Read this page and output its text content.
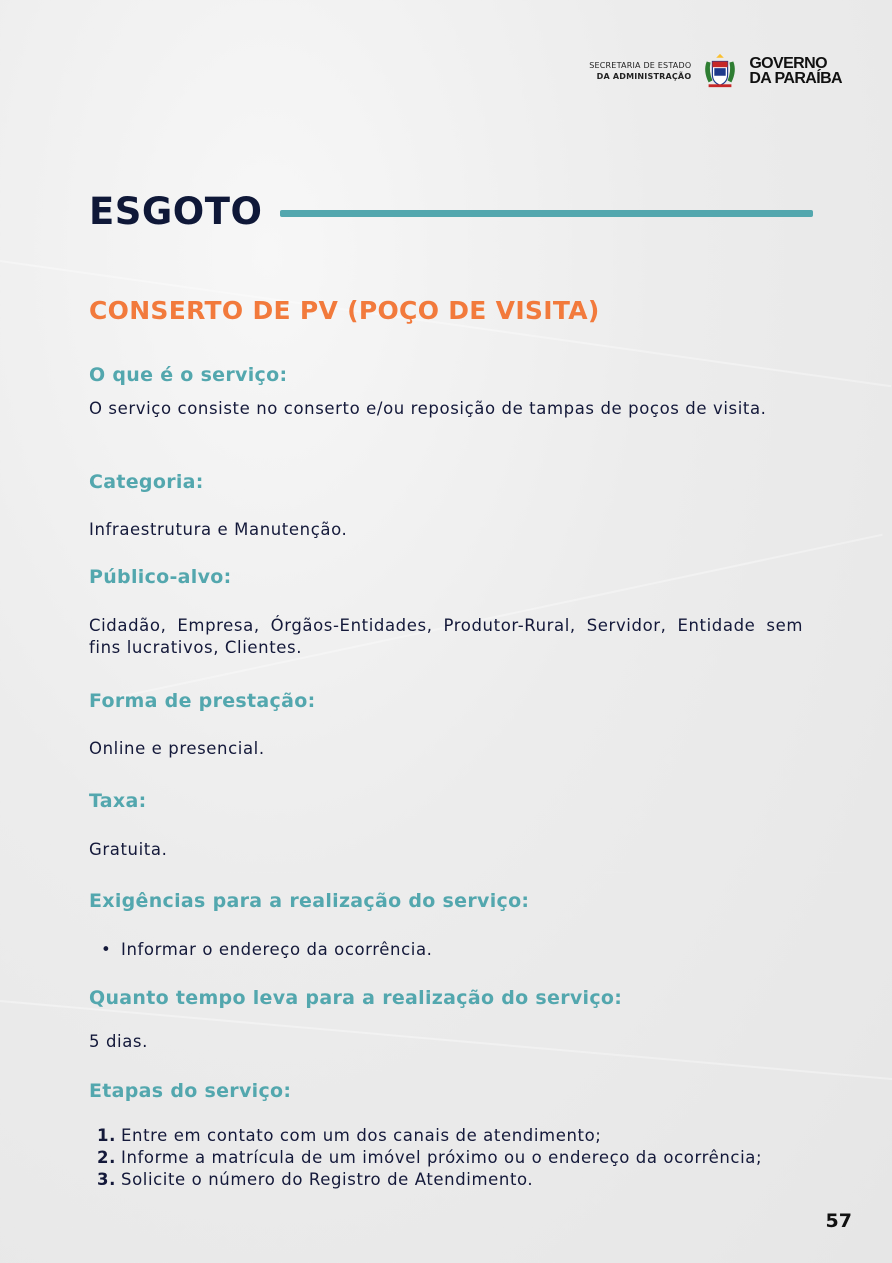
SECRETARIA DE ESTADO
DA ADMINISTRAÇÃO
GOVERNO
DA PARAÍBA
ESGOTO
CONSERTO DE PV (POÇO DE VISITA)
O que é o serviço:
O serviço consiste no conserto e/ou reposição de tampas de poços de visita.
Categoria:
Infraestrutura e Manutenção.
Público-alvo:
Cidadão, Empresa, Órgãos-Entidades, Produtor-Rural, Servidor, Entidade sem fins lucrativos, Clientes.
Forma de prestação:
Online e presencial.
Taxa:
Gratuita.
Exigências para a realização do serviço:
• Informar o endereço da ocorrência.
Quanto tempo leva para a realização do serviço:
5 dias.
Etapas do serviço:
1. Entre em contato com um dos canais de atendimento;
2. Informe a matrícula de um imóvel próximo ou o endereço da ocorrência;
3. Solicite o número do Registro de Atendimento.
57
